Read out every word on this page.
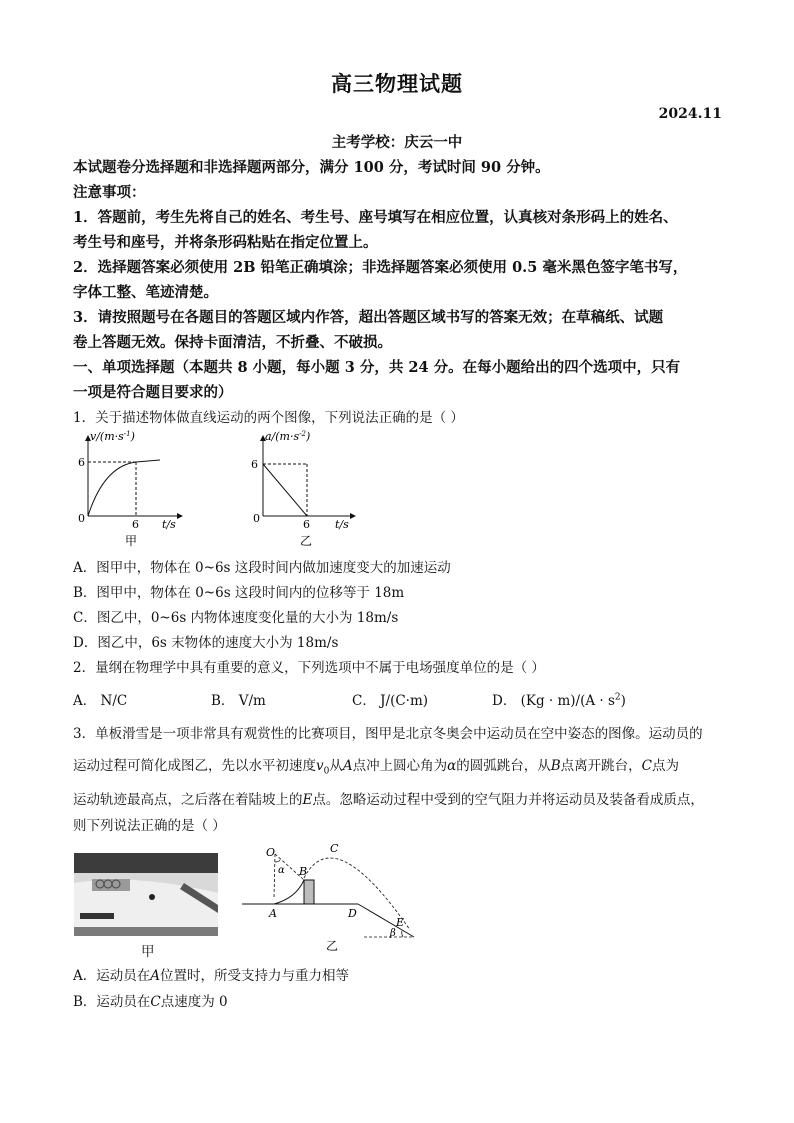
高三物理试题
2024.11
主考学校：庆云一中
本试题卷分选择题和非选择题两部分，满分 100 分，考试时间 90 分钟。
注意事项：
1．答题前，考生先将自己的姓名、考生号、座号填写在相应位置，认真核对条形码上的姓名、
考生号和座号，并将条形码粘贴在指定位置上。
2．选择题答案必须使用 2B 铅笔正确填涂；非选择题答案必须使用 0.5 毫米黑色签字笔书写，
字体工整、笔迹清楚。
3．请按照题号在各题目的答题区域内作答，超出答题区域书写的答案无效；在草稿纸、试题
卷上答题无效。保持卡面清洁，不折叠、不破损。
一、单项选择题（本题共 8 小题，每小题 3 分，共 24 分。在每小题给出的四个选项中，只有
一项是符合题目要求的）
1．关于描述物体做直线运动的两个图像，下列说法正确的是（ ）
$v/(m\cdot s^{-1})$
6
0	6 t/s
甲
$a/(m\cdot s^{-2})$
6
0	6 t/s
乙
A．图甲中，物体在 0~6s 这段时间内做加速度变大的加速运动
B．图甲中，物体在 0~6s 这段时间内的位移等于 18m
C．图乙中，0~6s 内物体速度变化量的大小为 18m/s
D．图乙中，6s 末物体的速度大小为 18m/s
2．量纲在物理学中具有重要的意义，下列选项中不属于电场强度单位的是（ ）
A． N/C	B． V/m	C． J/(C·m)	D． $(Kg \cdot m)/(A \cdot s^2)$
3．单板滑雪是一项非常具有观赏性的比赛项目，图甲是北京冬奥会中运动员在空中姿态的图像。运动员的
运动过程可简化成图乙，先以水平初速度$v_0$从A点冲上圆心角为α的圆弧跳台，从B点离开跳台，C点为
运动轨迹最高点，之后落在着陆坡上的E点。忽略运动过程中受到的空气阻力并将运动员及装备看成质点，
则下列说法正确的是（ ）
甲
O
α B
A
C
D
E
β
乙
A．运动员在A位置时，所受支持力与重力相等
B．运动员在C点速度为 0
